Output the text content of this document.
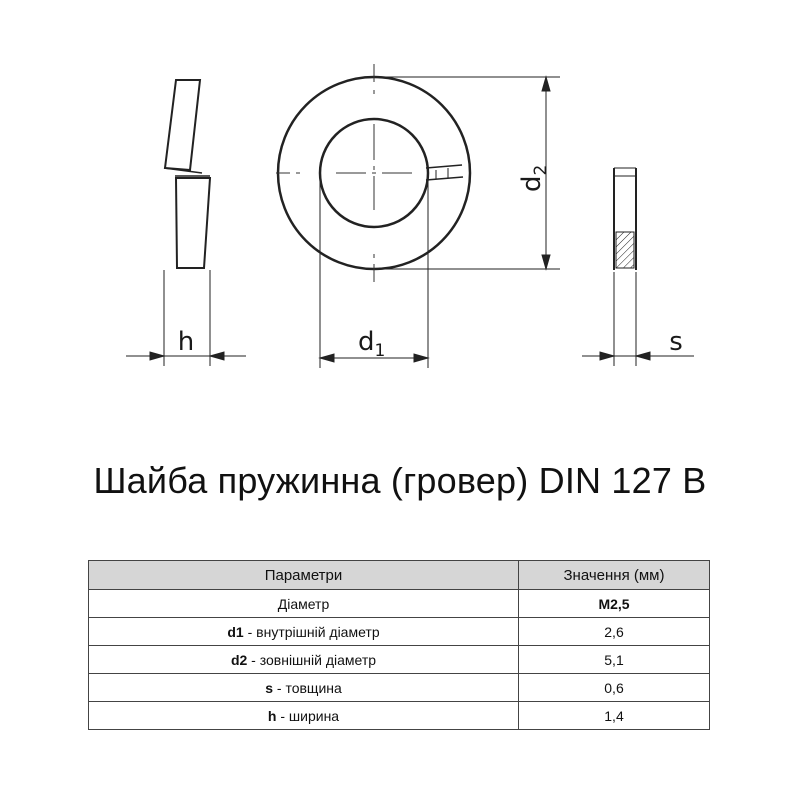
h	$d_1$
$d_2$
s
Шайба пружинна (гровер) DIN 127 B
Параметри	Значення (мм)
Діаметр	M2,5
d1 - внутрішній діаметр	2,6
d2 - зовнішній діаметр	5,1
s - товщина	0,6
h - ширина	1,4
